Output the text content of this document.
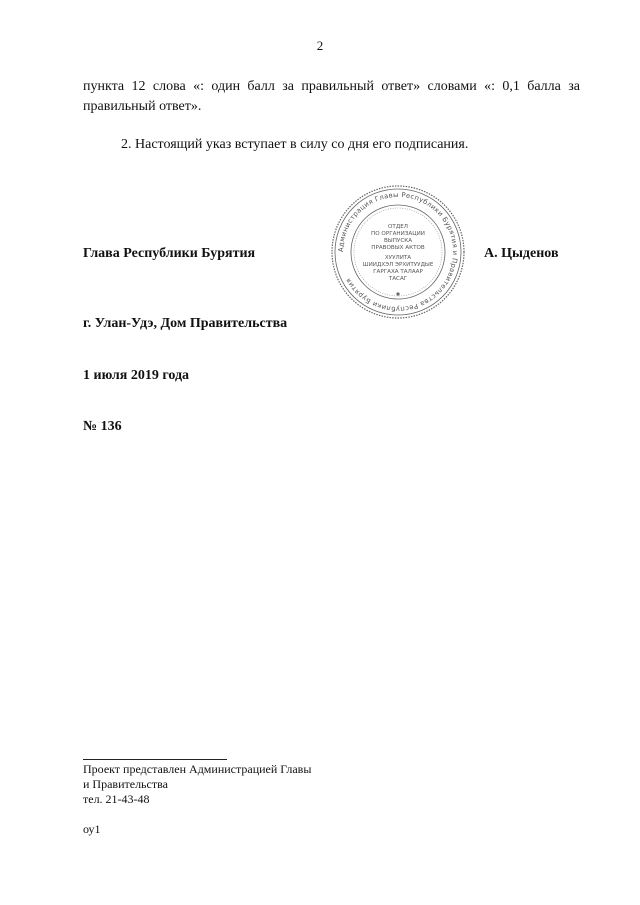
2
пункта 12 слова «: один балл за правильный ответ» словами «: 0,1 балла за правильный ответ».
2. Настоящий указ вступает в силу со дня его подписания.
Глава Республики Бурятия	Администрация Главы Республики Бурятия и Правительства Республики Бурятия
ОТДЕЛ
ПО ОРГАНИЗАЦИИ
ВЫПУСКА
ПРАВОВЫХ АКТОВ
ХУУЛИТА
ШИИДХЭЛ ЭРХИТУУДЫЕ
ГАРГАХА ТАЛААР
ТАСАГ
А. Цыденов
г. Улан-Удэ, Дом Правительства
1 июля 2019 года
№ 136
Проект представлен Администрацией Главы
и Правительства
тел. 21-43-48
оу1
